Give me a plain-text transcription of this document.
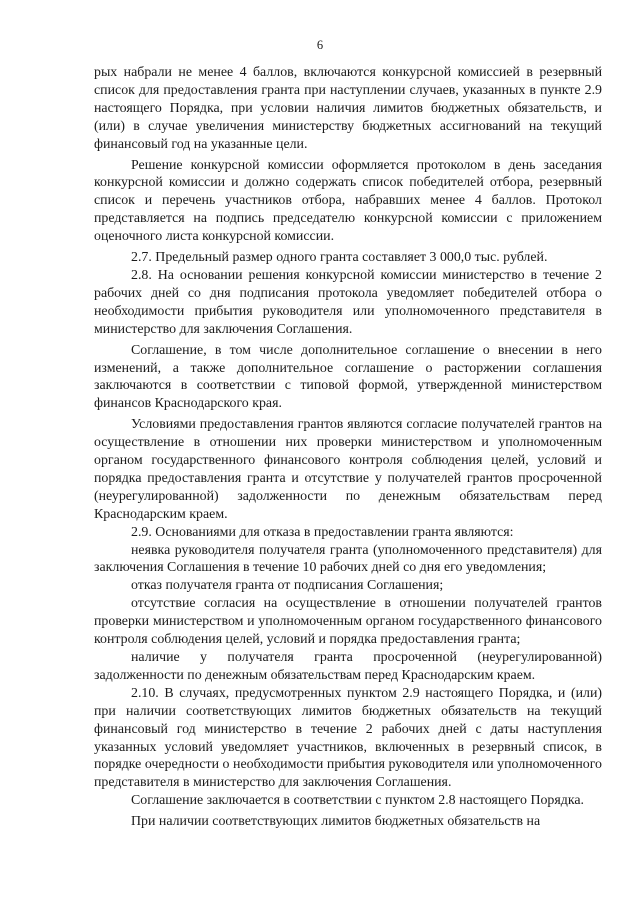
6

рых набрали не менее 4 баллов, включаются конкурсной комиссией в резервный список для предоставления гранта при наступлении случаев, указанных в пункте 2.9 настоящего Порядка, при условии наличия лимитов бюджетных обязательств, и (или) в случае увеличения министерству бюджетных ассигнований на текущий финансовый год на указанные цели.

Решение конкурсной комиссии оформляется протоколом в день заседания конкурсной комиссии и должно содержать список победителей отбора, резервный список и перечень участников отбора, набравших менее 4 баллов. Протокол представляется на подпись председателю конкурсной комиссии с приложением оценочного листа конкурсной комиссии.

2.7. Предельный размер одного гранта составляет 3 000,0 тыс. рублей.

2.8. На основании решения конкурсной комиссии министерство в течение 2 рабочих дней со дня подписания протокола уведомляет победителей отбора о необходимости прибытия руководителя или уполномоченного представителя в министерство для заключения Соглашения.

Соглашение, в том числе дополнительное соглашение о внесении в него изменений, а также дополнительное соглашение о расторжении соглашения заключаются в соответствии с типовой формой, утвержденной министерством финансов Краснодарского края.

Условиями предоставления грантов являются согласие получателей грантов на осуществление в отношении них проверки министерством и уполномоченным органом государственного финансового контроля соблюдения целей, условий и порядка предоставления гранта и отсутствие у получателей грантов просроченной (неурегулированной) задолженности по денежным обязательствам перед Краснодарским краем.

2.9. Основаниями для отказа в предоставлении гранта являются:

неявка руководителя получателя гранта (уполномоченного представителя) для заключения Соглашения в течение 10 рабочих дней со дня его уведомления;

отказ получателя гранта от подписания Соглашения;

отсутствие согласия на осуществление в отношении получателей грантов проверки министерством и уполномоченным органом государственного финансового контроля соблюдения целей, условий и порядка предоставления гранта;

наличие у получателя гранта просроченной (неурегулированной) задолженности по денежным обязательствам перед Краснодарским краем.

2.10. В случаях, предусмотренных пунктом 2.9 настоящего Порядка, и (или) при наличии соответствующих лимитов бюджетных обязательств на текущий финансовый год министерство в течение 2 рабочих дней с даты наступления указанных условий уведомляет участников, включенных в резервный список, в порядке очередности о необходимости прибытия руководителя или уполномоченного представителя в министерство для заключения Соглашения.

Соглашение заключается в соответствии с пунктом 2.8 настоящего Порядка.

При наличии соответствующих лимитов бюджетных обязательств на
